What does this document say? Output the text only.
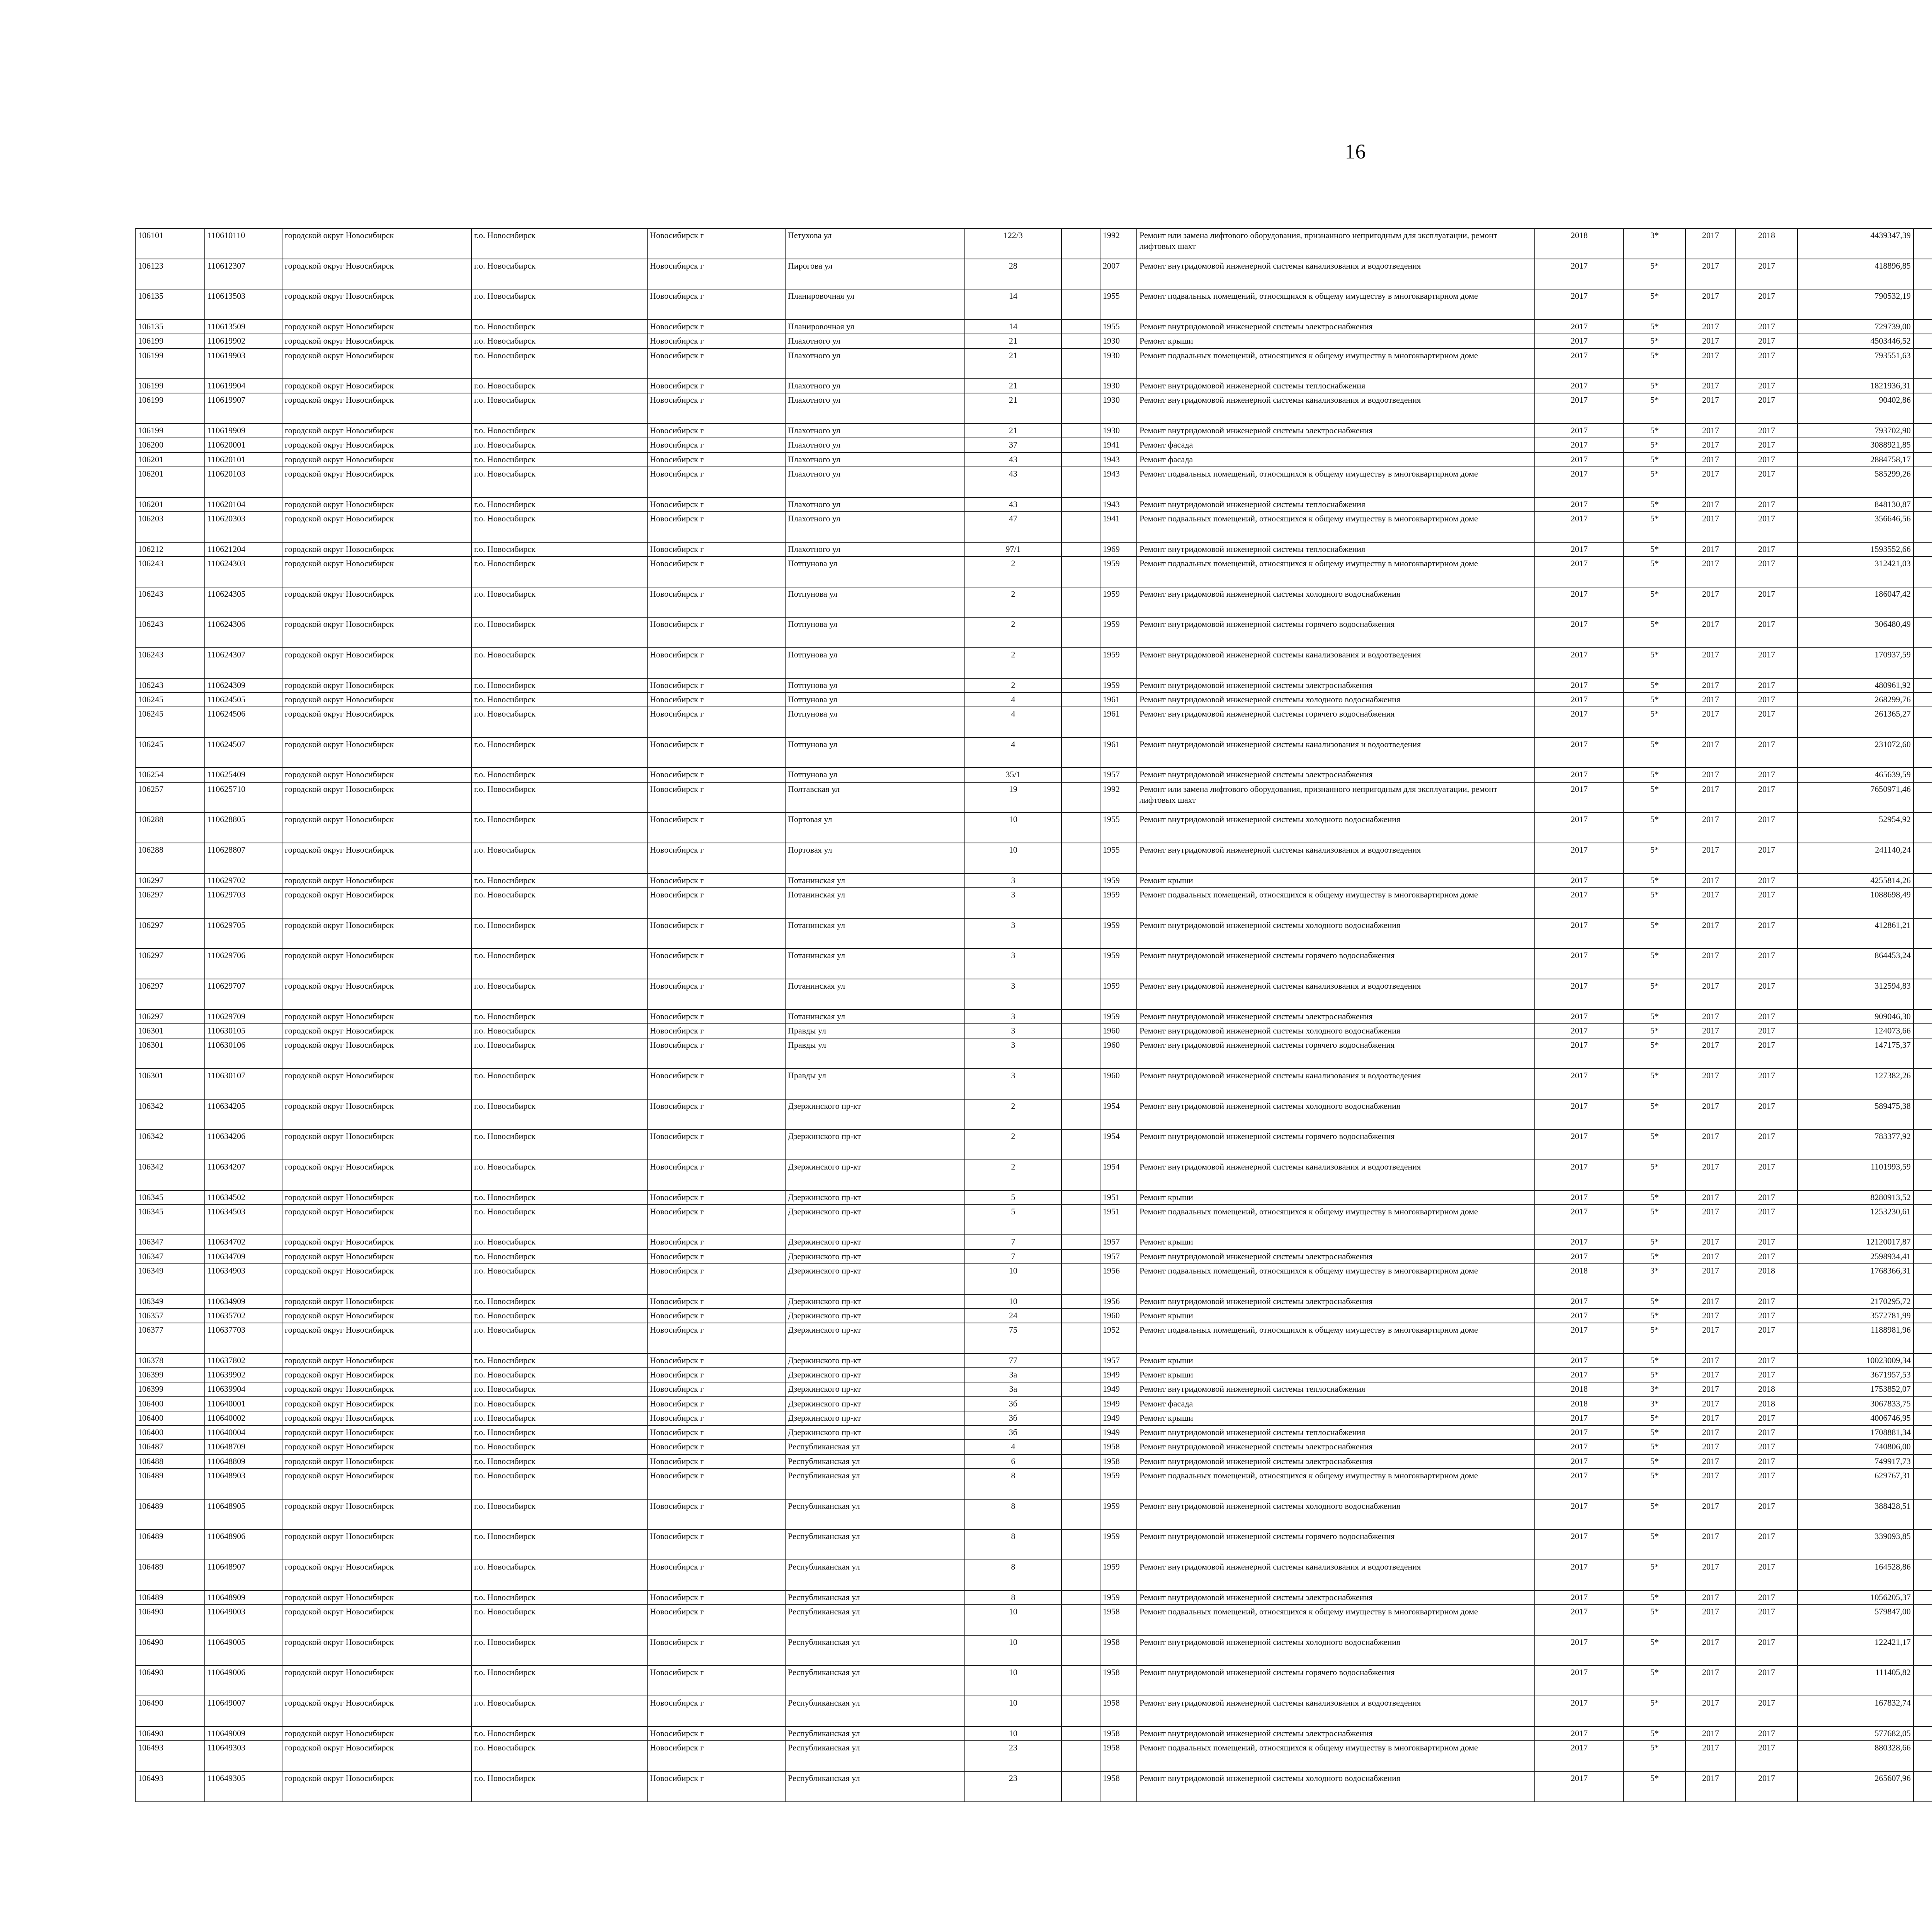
16
106101	110610110	городской округ Новосибирск	г.о. Новосибирск	Новосибирск г	Петухова ул	122/3		1992	Ремонт или замена лифтового оборудования, признанного непригодным для эксплуатации, ремонт лифтовых шахт	2018	3*	2017	2018	4439347,39								
106123	110612307	городской округ Новосибирск	г.о. Новосибирск	Новосибирск г	Пирогова ул	28		2007	Ремонт внутридомовой инженерной системы канализования и водоотведения	2017	5*	2017	2017	418896,85								
106135	110613503	городской округ Новосибирск	г.о. Новосибирск	Новосибирск г	Планировочная ул	14		1955	Ремонт подвальных помещений, относящихся к общему имуществу в многоквартирном доме	2017	5*	2017	2017	790532,19								
106135	110613509	городской округ Новосибирск	г.о. Новосибирск	Новосибирск г	Планировочная ул	14		1955	Ремонт внутридомовой инженерной системы электроснабжения	2017	5*	2017	2017	729739,00								
106199	110619902	городской округ Новосибирск	г.о. Новосибирск	Новосибирск г	Плахотного ул	21		1930	Ремонт крыши	2017	5*	2017	2017	4503446,52								
106199	110619903	городской округ Новосибирск	г.о. Новосибирск	Новосибирск г	Плахотного ул	21		1930	Ремонт подвальных помещений, относящихся к общему имуществу в многоквартирном доме	2017	5*	2017	2017	793551,63								
106199	110619904	городской округ Новосибирск	г.о. Новосибирск	Новосибирск г	Плахотного ул	21		1930	Ремонт внутридомовой инженерной системы теплоснабжения	2017	5*	2017	2017	1821936,31								
106199	110619907	городской округ Новосибирск	г.о. Новосибирск	Новосибирск г	Плахотного ул	21		1930	Ремонт внутридомовой инженерной системы канализования и водоотведения	2017	5*	2017	2017	90402,86								
106199	110619909	городской округ Новосибирск	г.о. Новосибирск	Новосибирск г	Плахотного ул	21		1930	Ремонт внутридомовой инженерной системы электроснабжения	2017	5*	2017	2017	793702,90								
106200	110620001	городской округ Новосибирск	г.о. Новосибирск	Новосибирск г	Плахотного ул	37		1941	Ремонт фасада	2017	5*	2017	2017	3088921,85								
106201	110620101	городской округ Новосибирск	г.о. Новосибирск	Новосибирск г	Плахотного ул	43		1943	Ремонт фасада	2017	5*	2017	2017	2884758,17								
106201	110620103	городской округ Новосибирск	г.о. Новосибирск	Новосибирск г	Плахотного ул	43		1943	Ремонт подвальных помещений, относящихся к общему имуществу в многоквартирном доме	2017	5*	2017	2017	585299,26								
106201	110620104	городской округ Новосибирск	г.о. Новосибирск	Новосибирск г	Плахотного ул	43		1943	Ремонт внутридомовой инженерной системы теплоснабжения	2017	5*	2017	2017	848130,87								
106203	110620303	городской округ Новосибирск	г.о. Новосибирск	Новосибирск г	Плахотного ул	47		1941	Ремонт подвальных помещений, относящихся к общему имуществу в многоквартирном доме	2017	5*	2017	2017	356646,56								
106212	110621204	городской округ Новосибирск	г.о. Новосибирск	Новосибирск г	Плахотного ул	97/1		1969	Ремонт внутридомовой инженерной системы теплоснабжения	2017	5*	2017	2017	1593552,66								
106243	110624303	городской округ Новосибирск	г.о. Новосибирск	Новосибирск г	Потпунова ул	2		1959	Ремонт подвальных помещений, относящихся к общему имуществу в многоквартирном доме	2017	5*	2017	2017	312421,03								
106243	110624305	городской округ Новосибирск	г.о. Новосибирск	Новосибирск г	Потпунова ул	2		1959	Ремонт внутридомовой инженерной системы холодного водоснабжения	2017	5*	2017	2017	186047,42								
106243	110624306	городской округ Новосибирск	г.о. Новосибирск	Новосибирск г	Потпунова ул	2		1959	Ремонт внутридомовой инженерной системы горячего водоснабжения	2017	5*	2017	2017	306480,49								
106243	110624307	городской округ Новосибирск	г.о. Новосибирск	Новосибирск г	Потпунова ул	2		1959	Ремонт внутридомовой инженерной системы канализования и водоотведения	2017	5*	2017	2017	170937,59								
106243	110624309	городской округ Новосибирск	г.о. Новосибирск	Новосибирск г	Потпунова ул	2		1959	Ремонт внутридомовой инженерной системы электроснабжения	2017	5*	2017	2017	480961,92								
106245	110624505	городской округ Новосибирск	г.о. Новосибирск	Новосибирск г	Потпунова ул	4		1961	Ремонт внутридомовой инженерной системы холодного водоснабжения	2017	5*	2017	2017	268299,76								
106245	110624506	городской округ Новосибирск	г.о. Новосибирск	Новосибирск г	Потпунова ул	4		1961	Ремонт внутридомовой инженерной системы горячего водоснабжения	2017	5*	2017	2017	261365,27								
106245	110624507	городской округ Новосибирск	г.о. Новосибирск	Новосибирск г	Потпунова ул	4		1961	Ремонт внутридомовой инженерной системы канализования и водоотведения	2017	5*	2017	2017	231072,60								
106254	110625409	городской округ Новосибирск	г.о. Новосибирск	Новосибирск г	Потпунова ул	35/1		1957	Ремонт внутридомовой инженерной системы электроснабжения	2017	5*	2017	2017	465639,59								
106257	110625710	городской округ Новосибирск	г.о. Новосибирск	Новосибирск г	Полтавская ул	19		1992	Ремонт или замена лифтового оборудования, признанного непригодным для эксплуатации, ремонт лифтовых шахт	2017	5*	2017	2017	7650971,46								
106288	110628805	городской округ Новосибирск	г.о. Новосибирск	Новосибирск г	Портовая ул	10		1955	Ремонт внутридомовой инженерной системы холодного водоснабжения	2017	5*	2017	2017	52954,92								
106288	110628807	городской округ Новосибирск	г.о. Новосибирск	Новосибирск г	Портовая ул	10		1955	Ремонт внутридомовой инженерной системы канализования и водоотведения	2017	5*	2017	2017	241140,24								
106297	110629702	городской округ Новосибирск	г.о. Новосибирск	Новосибирск г	Потанинская ул	3		1959	Ремонт крыши	2017	5*	2017	2017	4255814,26								
106297	110629703	городской округ Новосибирск	г.о. Новосибирск	Новосибирск г	Потанинская ул	3		1959	Ремонт подвальных помещений, относящихся к общему имуществу в многоквартирном доме	2017	5*	2017	2017	1088698,49								
106297	110629705	городской округ Новосибирск	г.о. Новосибирск	Новосибирск г	Потанинская ул	3		1959	Ремонт внутридомовой инженерной системы холодного водоснабжения	2017	5*	2017	2017	412861,21								
106297	110629706	городской округ Новосибирск	г.о. Новосибирск	Новосибирск г	Потанинская ул	3		1959	Ремонт внутридомовой инженерной системы горячего водоснабжения	2017	5*	2017	2017	864453,24								
106297	110629707	городской округ Новосибирск	г.о. Новосибирск	Новосибирск г	Потанинская ул	3		1959	Ремонт внутридомовой инженерной системы канализования и водоотведения	2017	5*	2017	2017	312594,83								
106297	110629709	городской округ Новосибирск	г.о. Новосибирск	Новосибирск г	Потанинская ул	3		1959	Ремонт внутридомовой инженерной системы электроснабжения	2017	5*	2017	2017	909046,30								
106301	110630105	городской округ Новосибирск	г.о. Новосибирск	Новосибирск г	Правды ул	3		1960	Ремонт внутридомовой инженерной системы холодного водоснабжения	2017	5*	2017	2017	124073,66								
106301	110630106	городской округ Новосибирск	г.о. Новосибирск	Новосибирск г	Правды ул	3		1960	Ремонт внутридомовой инженерной системы горячего водоснабжения	2017	5*	2017	2017	147175,37								
106301	110630107	городской округ Новосибирск	г.о. Новосибирск	Новосибирск г	Правды ул	3		1960	Ремонт внутридомовой инженерной системы канализования и водоотведения	2017	5*	2017	2017	127382,26								
106342	110634205	городской округ Новосибирск	г.о. Новосибирск	Новосибирск г	Дзержинского пр-кт	2		1954	Ремонт внутридомовой инженерной системы холодного водоснабжения	2017	5*	2017	2017	589475,38								
106342	110634206	городской округ Новосибирск	г.о. Новосибирск	Новосибирск г	Дзержинского пр-кт	2		1954	Ремонт внутридомовой инженерной системы горячего водоснабжения	2017	5*	2017	2017	783377,92								
106342	110634207	городской округ Новосибирск	г.о. Новосибирск	Новосибирск г	Дзержинского пр-кт	2		1954	Ремонт внутридомовой инженерной системы канализования и водоотведения	2017	5*	2017	2017	1101993,59								
106345	110634502	городской округ Новосибирск	г.о. Новосибирск	Новосибирск г	Дзержинского пр-кт	5		1951	Ремонт крыши	2017	5*	2017	2017	8280913,52								
106345	110634503	городской округ Новосибирск	г.о. Новосибирск	Новосибирск г	Дзержинского пр-кт	5		1951	Ремонт подвальных помещений, относящихся к общему имуществу в многоквартирном доме	2017	5*	2017	2017	1253230,61								
106347	110634702	городской округ Новосибирск	г.о. Новосибирск	Новосибирск г	Дзержинского пр-кт	7		1957	Ремонт крыши	2017	5*	2017	2017	12120017,87								
106347	110634709	городской округ Новосибирск	г.о. Новосибирск	Новосибирск г	Дзержинского пр-кт	7		1957	Ремонт внутридомовой инженерной системы электроснабжения	2017	5*	2017	2017	2598934,41								
106349	110634903	городской округ Новосибирск	г.о. Новосибирск	Новосибирск г	Дзержинского пр-кт	10		1956	Ремонт подвальных помещений, относящихся к общему имуществу в многоквартирном доме	2018	3*	2017	2018	1768366,31								
106349	110634909	городской округ Новосибирск	г.о. Новосибирск	Новосибирск г	Дзержинского пр-кт	10		1956	Ремонт внутридомовой инженерной системы электроснабжения	2017	5*	2017	2017	2170295,72								
106357	110635702	городской округ Новосибирск	г.о. Новосибирск	Новосибирск г	Дзержинского пр-кт	24		1960	Ремонт крыши	2017	5*	2017	2017	3572781,99								
106377	110637703	городской округ Новосибирск	г.о. Новосибирск	Новосибирск г	Дзержинского пр-кт	75		1952	Ремонт подвальных помещений, относящихся к общему имуществу в многоквартирном доме	2017	5*	2017	2017	1188981,96								
106378	110637802	городской округ Новосибирск	г.о. Новосибирск	Новосибирск г	Дзержинского пр-кт	77		1957	Ремонт крыши	2017	5*	2017	2017	10023009,34								
106399	110639902	городской округ Новосибирск	г.о. Новосибирск	Новосибирск г	Дзержинского пр-кт	3а		1949	Ремонт крыши	2017	5*	2017	2017	3671957,53								
106399	110639904	городской округ Новосибирск	г.о. Новосибирск	Новосибирск г	Дзержинского пр-кт	3а		1949	Ремонт внутридомовой инженерной системы теплоснабжения	2018	3*	2017	2018	1753852,07								
106400	110640001	городской округ Новосибирск	г.о. Новосибирск	Новосибирск г	Дзержинского пр-кт	3б		1949	Ремонт фасада	2018	3*	2017	2018	3067833,75								
106400	110640002	городской округ Новосибирск	г.о. Новосибирск	Новосибирск г	Дзержинского пр-кт	3б		1949	Ремонт крыши	2017	5*	2017	2017	4006746,95								
106400	110640004	городской округ Новосибирск	г.о. Новосибирск	Новосибирск г	Дзержинского пр-кт	3б		1949	Ремонт внутридомовой инженерной системы теплоснабжения	2017	5*	2017	2017	1708881,34								
106487	110648709	городской округ Новосибирск	г.о. Новосибирск	Новосибирск г	Республиканская ул	4		1958	Ремонт внутридомовой инженерной системы электроснабжения	2017	5*	2017	2017	740806,00								
106488	110648809	городской округ Новосибирск	г.о. Новосибирск	Новосибирск г	Республиканская ул	6		1958	Ремонт внутридомовой инженерной системы электроснабжения	2017	5*	2017	2017	749917,73								
106489	110648903	городской округ Новосибирск	г.о. Новосибирск	Новосибирск г	Республиканская ул	8		1959	Ремонт подвальных помещений, относящихся к общему имуществу в многоквартирном доме	2017	5*	2017	2017	629767,31								
106489	110648905	городской округ Новосибирск	г.о. Новосибирск	Новосибирск г	Республиканская ул	8		1959	Ремонт внутридомовой инженерной системы холодного водоснабжения	2017	5*	2017	2017	388428,51								
106489	110648906	городской округ Новосибирск	г.о. Новосибирск	Новосибирск г	Республиканская ул	8		1959	Ремонт внутридомовой инженерной системы горячего водоснабжения	2017	5*	2017	2017	339093,85								
106489	110648907	городской округ Новосибирск	г.о. Новосибирск	Новосибирск г	Республиканская ул	8		1959	Ремонт внутридомовой инженерной системы канализования и водоотведения	2017	5*	2017	2017	164528,86								
106489	110648909	городской округ Новосибирск	г.о. Новосибирск	Новосибирск г	Республиканская ул	8		1959	Ремонт внутридомовой инженерной системы электроснабжения	2017	5*	2017	2017	1056205,37								
106490	110649003	городской округ Новосибирск	г.о. Новосибирск	Новосибирск г	Республиканская ул	10		1958	Ремонт подвальных помещений, относящихся к общему имуществу в многоквартирном доме	2017	5*	2017	2017	579847,00								
106490	110649005	городской округ Новосибирск	г.о. Новосибирск	Новосибирск г	Республиканская ул	10		1958	Ремонт внутридомовой инженерной системы холодного водоснабжения	2017	5*	2017	2017	122421,17								
106490	110649006	городской округ Новосибирск	г.о. Новосибирск	Новосибирск г	Республиканская ул	10		1958	Ремонт внутридомовой инженерной системы горячего водоснабжения	2017	5*	2017	2017	111405,82								
106490	110649007	городской округ Новосибирск	г.о. Новосибирск	Новосибирск г	Республиканская ул	10		1958	Ремонт внутридомовой инженерной системы канализования и водоотведения	2017	5*	2017	2017	167832,74								
106490	110649009	городской округ Новосибирск	г.о. Новосибирск	Новосибирск г	Республиканская ул	10		1958	Ремонт внутридомовой инженерной системы электроснабжения	2017	5*	2017	2017	577682,05								
106493	110649303	городской округ Новосибирск	г.о. Новосибирск	Новосибирск г	Республиканская ул	23		1958	Ремонт подвальных помещений, относящихся к общему имуществу в многоквартирном доме	2017	5*	2017	2017	880328,66								
106493	110649305	городской округ Новосибирск	г.о. Новосибирск	Новосибирск г	Республиканская ул	23		1958	Ремонт внутридомовой инженерной системы холодного водоснабжения	2017	5*	2017	2017	265607,96								
